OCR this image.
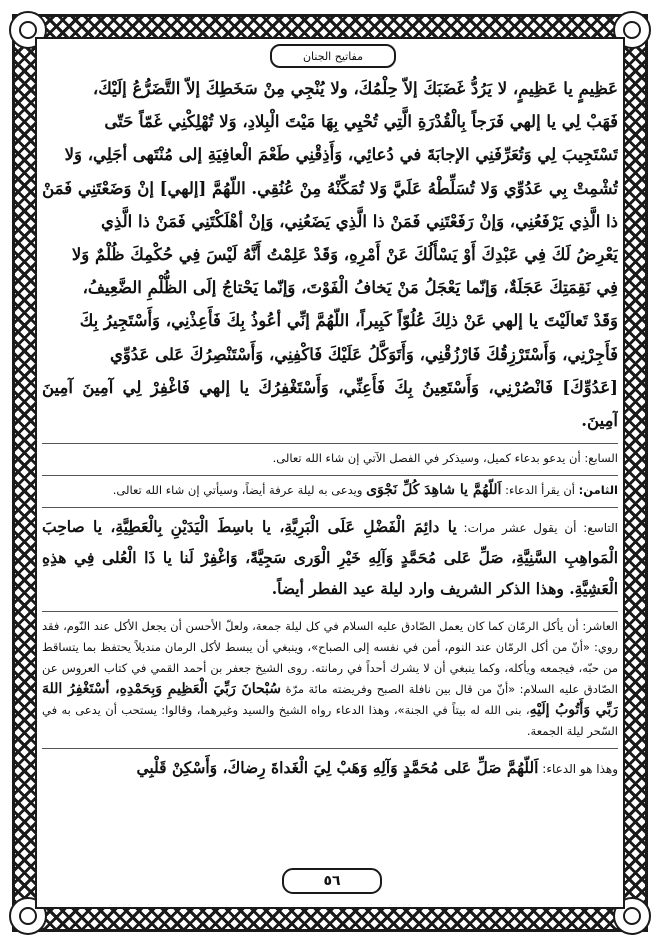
مفاتيح الجنان

عَظِيمٍ يا عَظِيمٍ، لا يَرُدُّ غَضَبَكَ إلاّ حِلْمُكَ، ولا يُنْجِي مِنْ سَخَطِكَ إلاّ التَّضَرُّعُ إلَيْكَ،

فَهَبْ لِي يا إلهي فَرَجاً بِالْقُدْرَةِ الَّتِي تُحْيِي بِهَا مَيْتَ الْبِلادِ، وَلا تُهْلِكْنِي غَمّاً حَتّى

تَسْتَجِيبَ لِي وَتُعَرِّفَنِي الإجابَةَ في دُعائِي، وَأَذِقْنِي طَعْمَ الْعافِيَةِ إلى مُنْتَهى أجَلِي، وَلا

تُشْمِتْ بِي عَدُوِّي وَلا تُسَلِّطْهُ عَلَيَّ وَلا تُمَكِّنْهُ مِنْ عُنُقِي. اللّهُمَّ [إلهي] إنْ وَضَعْتَنِي فَمَنْ

ذا الَّذِي يَرْفَعُنِي، وَإنْ رَفَعْتَنِي فَمَنْ ذا الَّذِي يَضَعُنِي، وَإنْ أهْلَكْتَنِي فَمَنْ ذا الَّذِي

يَعْرِضُ لَكَ فِي عَبْدِكَ أَوْ يَسْأَلُكَ عَنْ أَمْرِهِ، وَقَدْ عَلِمْتُ أَنَّهُ لَيْسَ فِي حُكْمِكَ ظُلْمٌ وَلا

فِي نَقِمَتِكَ عَجَلَةٌ، وَإنّما يَعْجَلُ مَنْ يَخافُ الْفَوْتَ، وَإنّما يَحْتاجُ إلَى الظُّلْمِ الضَّعِيفُ،

وَقَدْ تَعالَيْتَ يا إلهي عَنْ ذلِكَ عُلُوّاً كَبِيراً، اللّهُمَّ إنِّي أعُوذُ بِكَ فَأَعِذْنِي، وَأَسْتَجِيرُ بِكَ

فَأَجِرْنِي، وَأَسْتَرْزِقُكَ فَارْزُقْنِي، وَأَتَوَكَّلُ عَلَيْكَ فَاكْفِنِي، وَأَسْتَنْصِرُكَ عَلى عَدُوِّي

[عَدُوِّكَ] فَانْصُرْنِي، وَأَسْتَعِينُ بِكَ فَأَعِنِّي، وَأَسْتَغْفِرُكَ يا إلهي فَاغْفِرْ لِي آمِينَ آمِينَ آمِينَ.

السابع: أن يدعو بدعاء كميل، وسيذكر في الفصل الآتي إن شاء الله تعالى.

الثامن: أن يقرأ الدعاء: اَللّهُمَّ يا شاهِدَ كُلِّ نَجْوَى ويدعى به ليلة عرفة أيضاً، وسيأتي إن شاء الله تعالى.

التاسع: أن يقول عشر مرات: يا دائِمَ الْفَضْلِ عَلَى الْبَرِيَّةِ، يا باسِطَ الْيَدَيْنِ بِالْعَطِيَّةِ، يا صاحِبَ الْمَواهِبِ السَّنِيَّةِ، صَلِّ عَلى مُحَمَّدٍ وَآلِهِ خَيْرِ الْوَرى سَجِيَّةً، وَاغْفِرْ لَنا يا ذَا الْعُلى فِي هذِهِ الْعَشِيَّةِ. وهذا الذكر الشريف وارد ليلة عيد الفطر أيضاً.

العاشر: أن يأكل الرمّان كما كان يعمل الصّادق عليه السلام في كل ليلة جمعة، ولعلّ الأحسن أن يجعل الأكل عند النّوم، فقد روي: «أنّ من أكل الرمّان عند النوم، أمن في نفسه إلى الصباح»، وينبغي أن يبسط لأكل الرمان منديلاً يحتفظ بما يتساقط من حبّه، فيجمعه ويأكله، وكما ينبغي أن لا يشرك أحداً في رمانته. روى الشيخ جعفر بن أحمد القمي في كتاب العروس عن الصّادق عليه السلام: «أنّ من قال بين نافلة الصبح وفريضته مائة مرّة سُبْحانَ رَبِّيَ الْعَظِيمِ وَبِحَمْدِهِ، أسْتَغْفِرُ اللهَ رَبِّي وَأَتُوبُ إلَيْهِ، بنى الله له بيتاً في الجنة»، وهذا الدعاء رواه الشيخ والسيد وغيرهما، وقالوا: يستحب أن يدعى به في السّحر ليلة الجمعة.

وهذا هو الدعاء: اَللّهُمَّ صَلِّ عَلى مُحَمَّدٍ وَآلِهِ وَهَبْ لِيَ الْغَداةَ رِضاكَ، وَأَسْكِنْ قَلْبِي

٥٦
